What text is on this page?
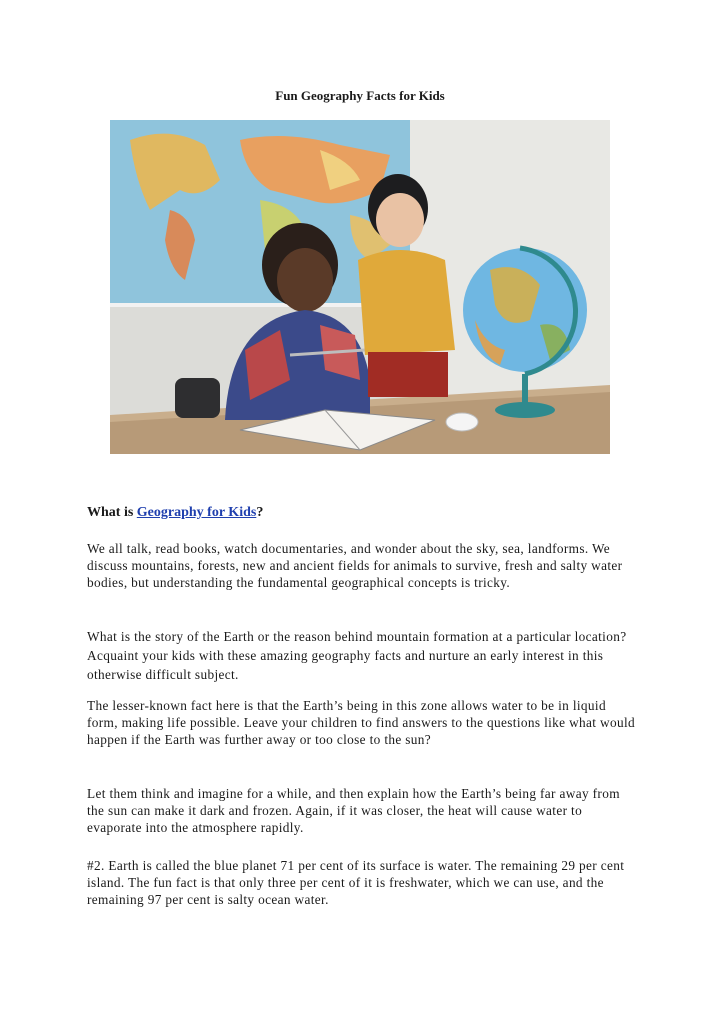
Fun Geography Facts for Kids
What is Geography for Kids?

We all talk, read books, watch documentaries, and wonder about the sky, sea, landforms. We discuss mountains, forests, new and ancient fields for animals to survive, fresh and salty water bodies, but understanding the fundamental geographical concepts is tricky.

What is the story of the Earth or the reason behind mountain formation at a particular location? Acquaint your kids with these amazing geography facts and nurture an early interest in this otherwise difficult subject.

The lesser-known fact here is that the Earth’s being in this zone allows water to be in liquid form, making life possible. Leave your children to find answers to the questions like what would happen if the Earth was further away or too close to the sun?

Let them think and imagine for a while, and then explain how the Earth’s being far away from the sun can make it dark and frozen. Again, if it was closer, the heat will cause water to evaporate into the atmosphere rapidly.

#2. Earth is called the blue planet 71 per cent of its surface is water. The remaining 29 per cent island. The fun fact is that only three per cent of it is freshwater, which we can use, and the remaining 97 per cent is salty ocean water.
